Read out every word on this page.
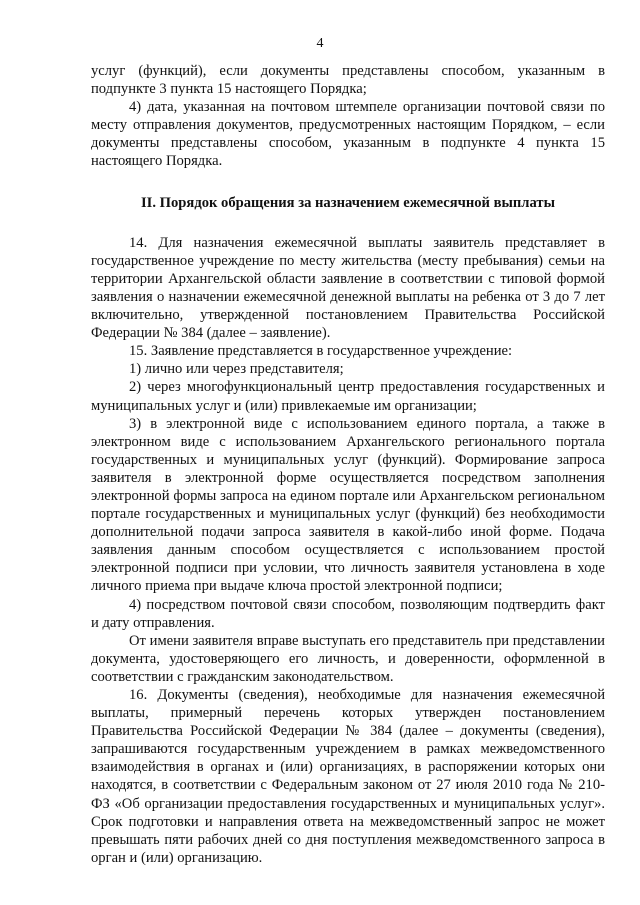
4

услуг (функций), если документы представлены способом, указанным в подпункте 3 пункта 15 настоящего Порядка;

4) дата, указанная на почтовом штемпеле организации почтовой связи по месту отправления документов, предусмотренных настоящим Порядком, – если документы представлены способом, указанным в подпункте 4 пункта 15 настоящего Порядка.

II. Порядок обращения за назначением ежемесячной выплаты

14. Для назначения ежемесячной выплаты заявитель представляет в государственное учреждение по месту жительства (месту пребывания) семьи на территории Архангельской области заявление в соответствии с типовой формой заявления о назначении ежемесячной денежной выплаты на ребенка от 3 до 7 лет включительно, утвержденной постановлением Правительства Российской Федерации № 384 (далее – заявление).

15. Заявление представляется в государственное учреждение:

1) лично или через представителя;

2) через многофункциональный центр предоставления государственных и муниципальных услуг и (или) привлекаемые им организации;

3) в электронной виде с использованием единого портала, а также в электронном виде с использованием Архангельского регионального портала государственных и муниципальных услуг (функций). Формирование запроса заявителя в электронной форме осуществляется посредством заполнения электронной формы запроса на едином портале или Архангельском региональном портале государственных и муниципальных услуг (функций) без необходимости дополнительной подачи запроса заявителя в какой-либо иной форме. Подача заявления данным способом осуществляется с использованием простой электронной подписи при условии, что личность заявителя установлена в ходе личного приема при выдаче ключа простой электронной подписи;

4) посредством почтовой связи способом, позволяющим подтвердить факт и дату отправления.

От имени заявителя вправе выступать его представитель при представлении документа, удостоверяющего его личность, и доверенности, оформленной в соответствии с гражданским законодательством.

16. Документы (сведения), необходимые для назначения ежемесячной выплаты, примерный перечень которых утвержден постановлением Правительства Российской Федерации № 384 (далее – документы (сведения), запрашиваются государственным учреждением в рамках межведомственного взаимодействия в органах и (или) организациях, в распоряжении которых они находятся, в соответствии с Федеральным законом от 27 июля 2010 года № 210-ФЗ «Об организации предоставления государственных и муниципальных услуг». Срок подготовки и направления ответа на межведомственный запрос не может превышать пяти рабочих дней со дня поступления межведомственного запроса в орган и (или) организацию.
